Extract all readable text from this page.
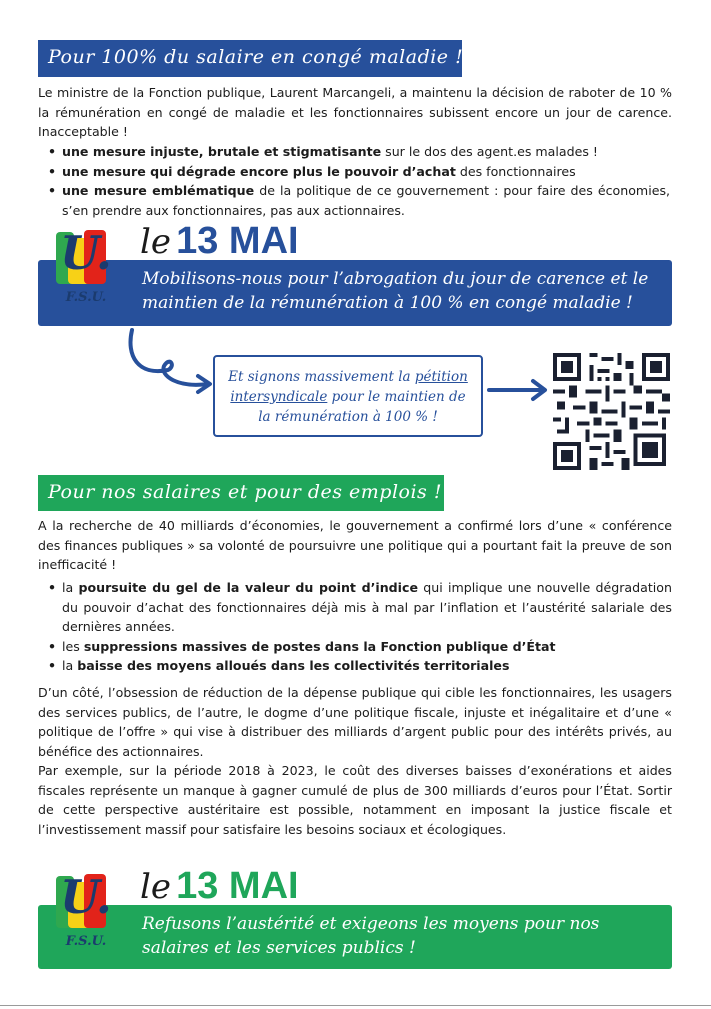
Pour 100% du salaire en congé maladie !
Le ministre de la Fonction publique, Laurent Marcangeli, a maintenu la décision de raboter de 10 % la rémunération en congé de maladie et les fonctionnaires subissent encore un jour de carence. Inacceptable !
• une mesure injuste, brutale et stigmatisante sur le dos des agent.es malades !
• une mesure qui dégrade encore plus le pouvoir d’achat des fonctionnaires
• une mesure emblématique de la politique de ce gouvernement : pour faire des économies, s’en prendre aux fonctionnaires, pas aux actionnaires.
Mobilisons-nous pour l’abrogation du jour de carence et le
maintien de la rémunération à 100 % en congé maladie !
le 13 MAI
U.
F.S.U.
Et signons massivement la pétition intersyndicale pour le maintien de la rémunération à 100 % !
Pour nos salaires et pour des emplois !
A la recherche de 40 milliards d’économies, le gouvernement a confirmé lors d’une « conférence des finances publiques » sa volonté de poursuivre une politique qui a pourtant fait la preuve de son inefficacité !
• la poursuite du gel de la valeur du point d’indice qui implique une nouvelle dégradation du pouvoir d’achat des fonctionnaires déjà mis à mal par l’inflation et l’austérité salariale des dernières années.
• les suppressions massives de postes dans la Fonction publique d’État
• la baisse des moyens alloués dans les collectivités territoriales
D’un côté, l’obsession de réduction de la dépense publique qui cible les fonctionnaires, les usagers des services publics, de l’autre, le dogme d’une politique fiscale, injuste et inégalitaire et d’une « politique de l’offre » qui vise à distribuer des milliards d’argent public pour des intérêts privés, au bénéfice des actionnaires.
Par exemple, sur la période 2018 à 2023, le coût des diverses baisses d’exonérations et aides fiscales représente un manque à gagner cumulé de plus de 300 milliards d’euros pour l’État. Sortir de cette perspective austéritaire est possible, notamment en imposant la justice fiscale et l’investissement massif pour satisfaire les besoins sociaux et écologiques.
Refusons l’austérité et exigeons les moyens pour nos
salaires et les services publics !
le 13 MAI
U.
F.S.U.
